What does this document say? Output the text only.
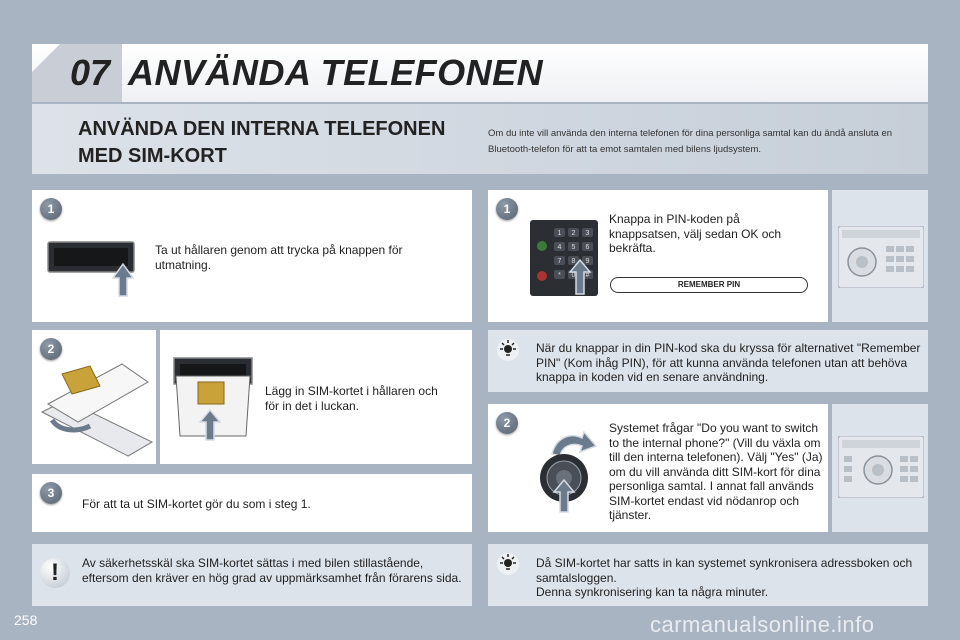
07 ANVÄNDA TELEFONEN
ANVÄNDA DEN INTERNA TELEFONEN
MED SIM-KORT
Om du inte vill använda den interna telefonen för dina personliga samtal kan du ändå ansluta en Bluetooth-telefon för att ta emot samtalen med bilens ljudsystem.
1
Ta ut hållaren genom att trycka på knappen för utmatning.
2
Lägg in SIM-kortet i hållaren och för in det i luckan.
3
För att ta ut SIM-kortet gör du som i steg 1.
!	Av säkerhetsskäl ska SIM-kortet sättas i med bilen stillastående, eftersom den kräver en hög grad av uppmärksamhet från förarens sida.
1
1 2 3
4 5 6
7 8 9
* 0 #
Knappa in PIN-koden på knappsatsen, välj sedan OK och bekräfta.
REMEMBER PIN
När du knappar in din PIN-kod ska du kryssa för alternativet "Remember PIN" (Kom ihåg PIN), för att kunna använda telefonen utan att behöva knappa in koden vid en senare användning.
2	Systemet frågar "Do you want to switch to the internal phone?" (Vill du växla om till den interna telefonen). Välj "Yes" (Ja) om du vill använda ditt SIM-kort för dina personliga samtal. I annat fall används SIM-kortet endast vid nödanrop och tjänster.
Då SIM-kortet har satts in kan systemet synkronisera adressboken och samtalsloggen.
Denna synkronisering kan ta några minuter.
258	carmanualsonline.info
